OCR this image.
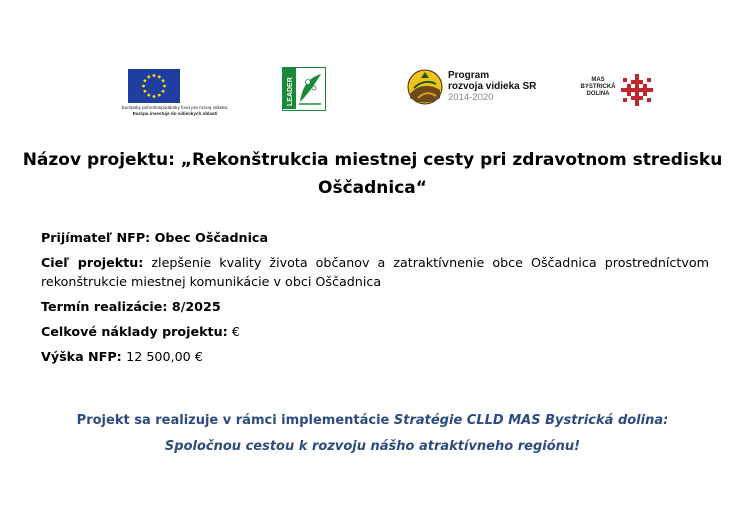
Európsky poľnohospodársky fond pre rozvoj vidieka:
Európa investuje do vidieckych oblastí
LEADER
Program
rozvoja vidieka SR
2014-2020
MAS
BYSTRICKÁ
DOLINA
Názov projektu: „Rekonštrukcia miestnej cesty pri zdravotnom stredisku
Oščadnica“

Prijímateľ NFP: Obec Oščadnica

Cieľ projektu: zlepšenie kvality života občanov a zatraktívnenie obce Oščadnica prostredníctvom rekonštrukcie miestnej komunikácie v obci Oščadnica

Termín realizácie: 8/2025

Celkové náklady projektu: €

Výška NFP: 12 500,00 €

Projekt sa realizuje v rámci implementácie Stratégie CLLD MAS Bystrická dolina:
Spoločnou cestou k rozvoju nášho atraktívneho regiónu!
